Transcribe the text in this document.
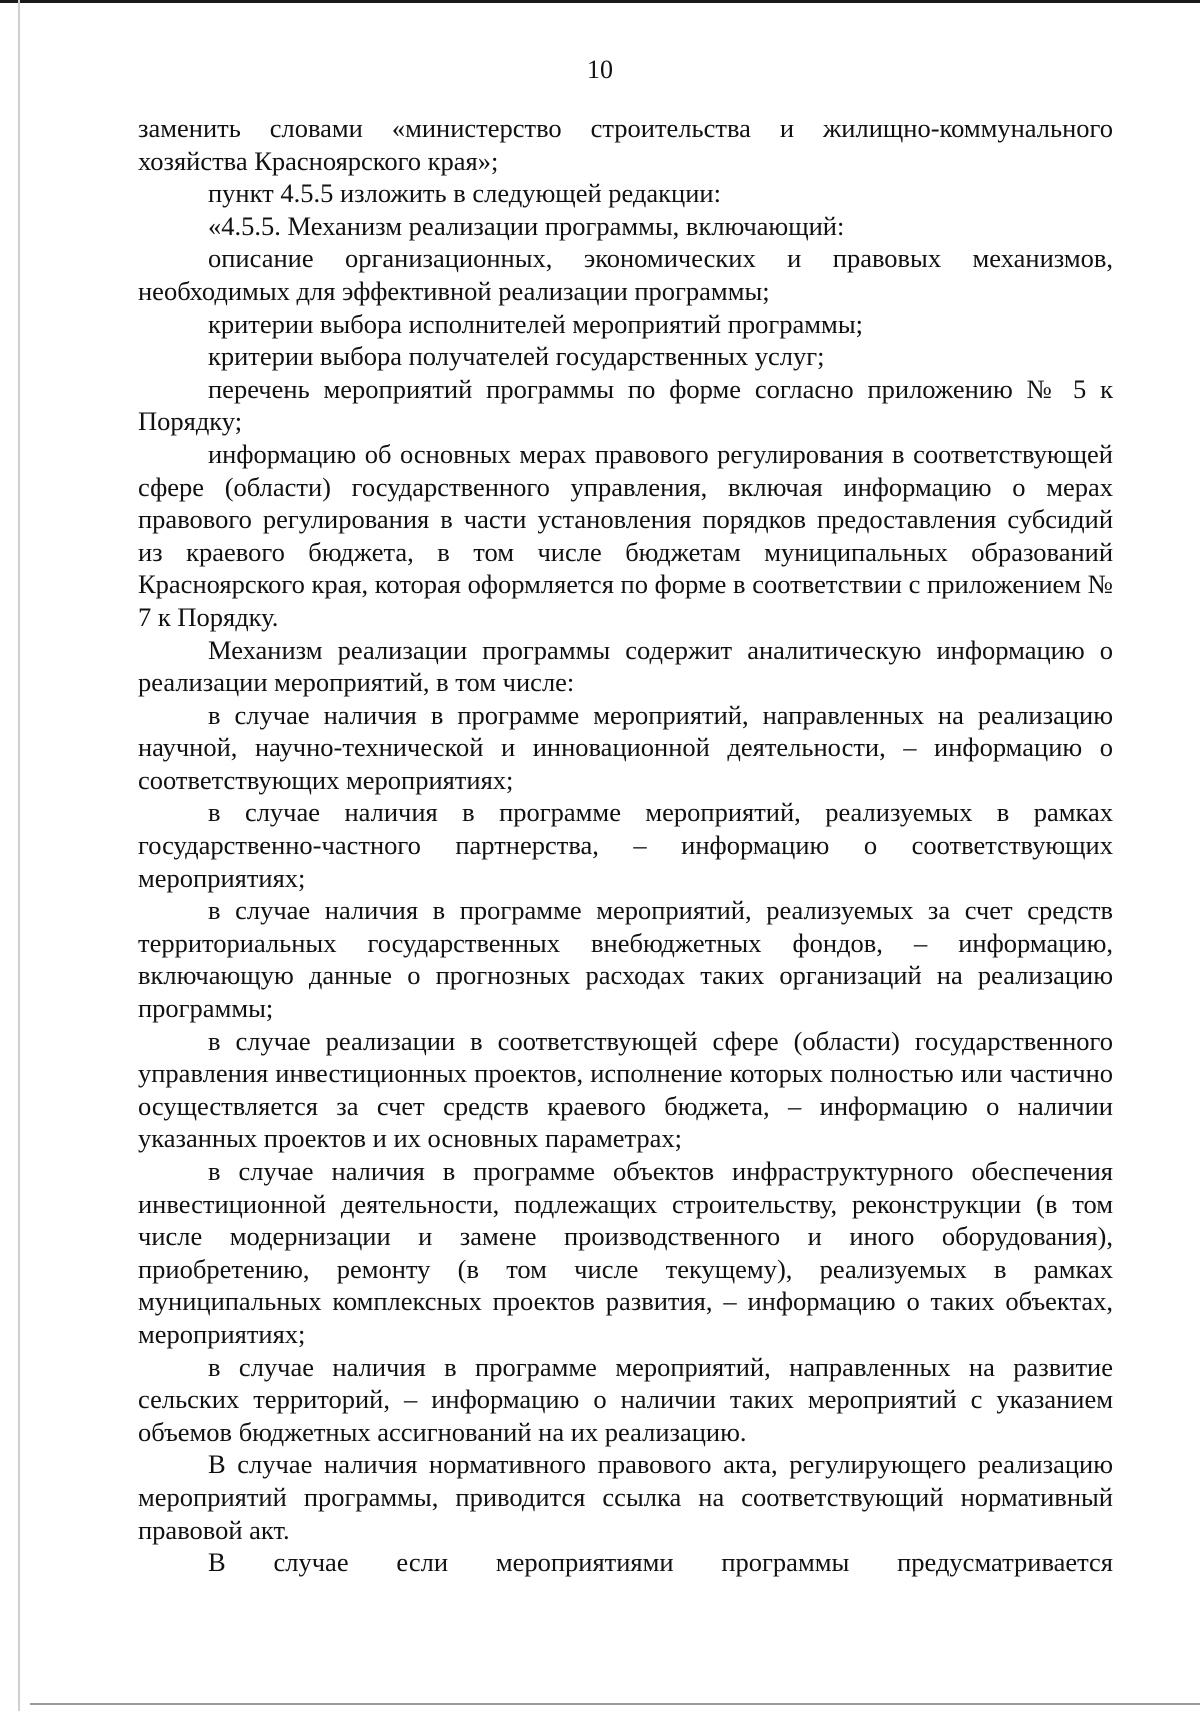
10

заменить словами «министерство строительства и жилищно-коммунального хозяйства Красноярского края»;

пункт 4.5.5 изложить в следующей редакции:

«4.5.5. Механизм реализации программы, включающий:

описание организационных, экономических и правовых механизмов, необходимых для эффективной реализации программы;

критерии выбора исполнителей мероприятий программы;

критерии выбора получателей государственных услуг;

перечень мероприятий программы по форме согласно приложению № 5 к Порядку;

информацию об основных мерах правового регулирования в соответствующей сфере (области) государственного управления, включая информацию о мерах правового регулирования в части установления порядков предоставления субсидий из краевого бюджета, в том числе бюджетам муниципальных образований Красноярского края, которая оформляется по форме в соответствии с приложением № 7 к Порядку.

Механизм реализации программы содержит аналитическую информацию о реализации мероприятий, в том числе:

в случае наличия в программе мероприятий, направленных на реализацию научной, научно-технической и инновационной деятельности, – информацию о соответствующих мероприятиях;

в случае наличия в программе мероприятий, реализуемых в рамках государственно-частного партнерства, – информацию о соответствующих мероприятиях;

в случае наличия в программе мероприятий, реализуемых за счет средств территориальных государственных внебюджетных фондов, – информацию, включающую данные о прогнозных расходах таких организаций на реализацию программы;

в случае реализации в соответствующей сфере (области) государственного управления инвестиционных проектов, исполнение которых полностью или частично осуществляется за счет средств краевого бюджета, – информацию о наличии указанных проектов и их основных параметрах;

в случае наличия в программе объектов инфраструктурного обеспечения инвестиционной деятельности, подлежащих строительству, реконструкции (в том числе модернизации и замене производственного и иного оборудования), приобретению, ремонту (в том числе текущему), реализуемых в рамках муниципальных комплексных проектов развития, – информацию о таких объектах, мероприятиях;

в случае наличия в программе мероприятий, направленных на развитие сельских территорий, – информацию о наличии таких мероприятий с указанием объемов бюджетных ассигнований на их реализацию.

В случае наличия нормативного правового акта, регулирующего реализацию мероприятий программы, приводится ссылка на соответствующий нормативный правовой акт.

В случае если мероприятиями программы предусматривается
